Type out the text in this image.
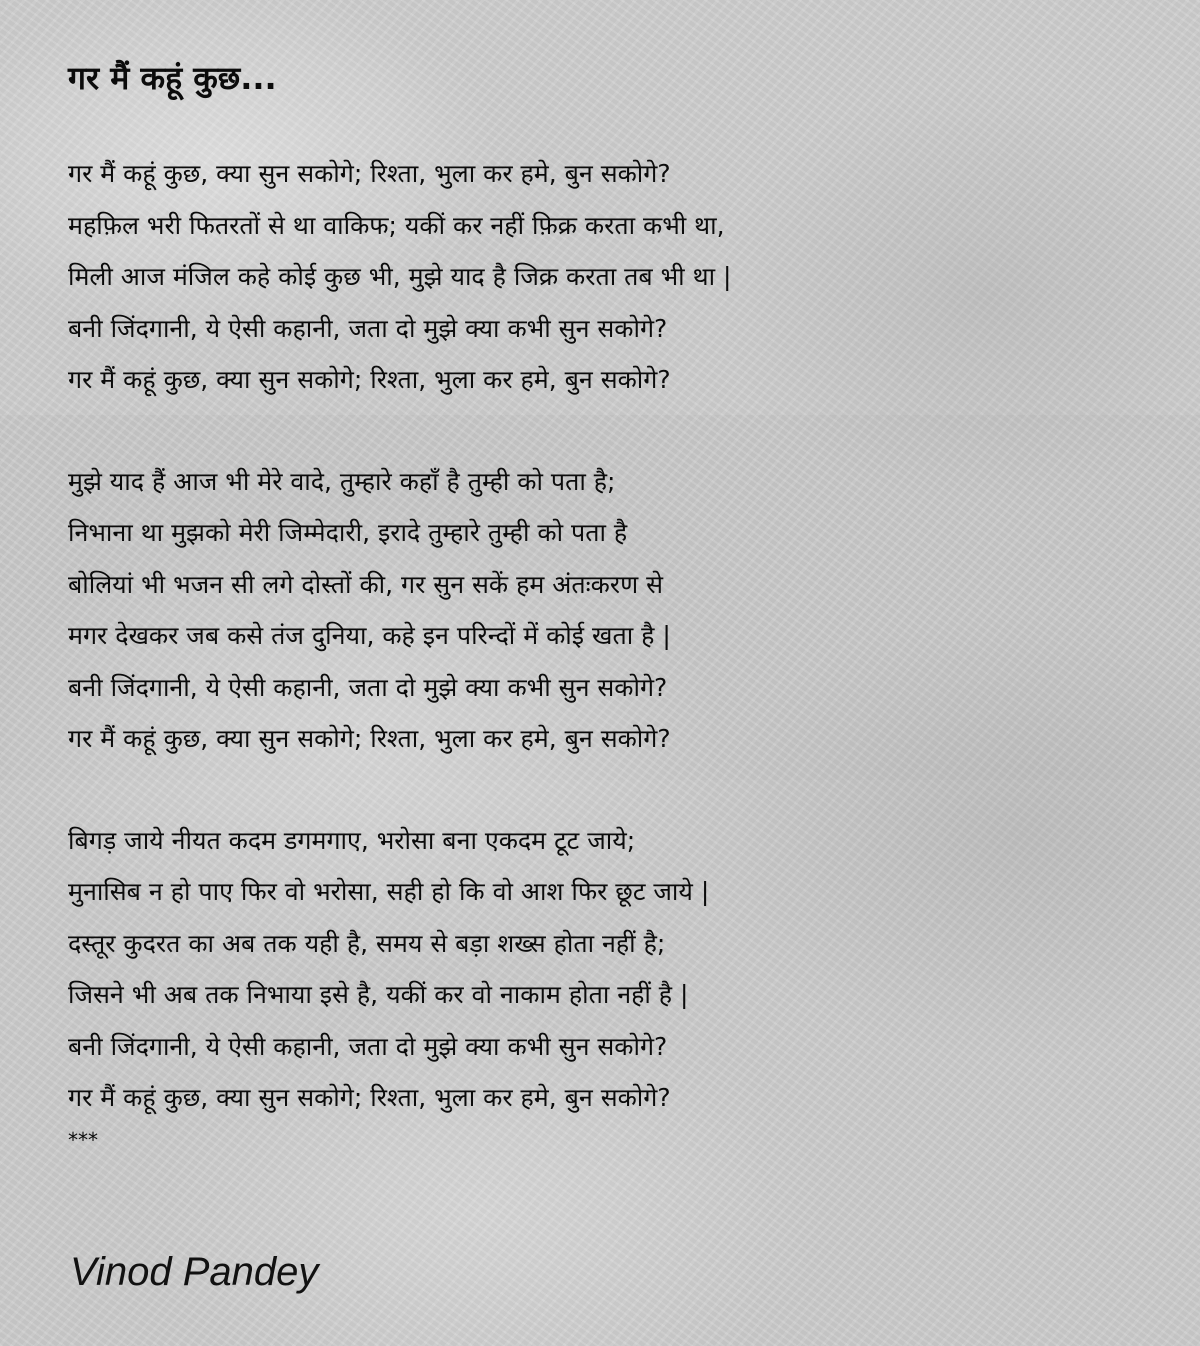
गर मैं कहूं कुछ...
गर मैं कहूं कुछ, क्या सुन सकोगे; रिश्ता, भुला कर हमे, बुन सकोगे?
महफ़िल भरी फितरतों से था वाकिफ; यकीं कर नहीं फ़िक्र करता कभी था,
मिली आज मंजिल कहे कोई कुछ भी, मुझे याद है जिक्र करता तब भी था |
बनी जिंदगानी, ये ऐसी कहानी, जता दो मुझे क्या कभी सुन सकोगे?
गर मैं कहूं कुछ, क्या सुन सकोगे; रिश्ता, भुला कर हमे, बुन सकोगे?
मुझे याद हैं आज भी मेरे वादे, तुम्हारे कहाँ है तुम्ही को पता है;
निभाना था मुझको मेरी जिम्मेदारी, इरादे तुम्हारे तुम्ही को पता है
बोलियां भी भजन सी लगे दोस्तों की, गर सुन सकें हम अंतःकरण से
मगर देखकर जब कसे तंज दुनिया, कहे इन परिन्दों में कोई खता है |
बनी जिंदगानी, ये ऐसी कहानी, जता दो मुझे क्या कभी सुन सकोगे?
गर मैं कहूं कुछ, क्या सुन सकोगे; रिश्ता, भुला कर हमे, बुन सकोगे?
बिगड़ जाये नीयत कदम डगमगाए, भरोसा बना एकदम टूट जाये;
मुनासिब न हो पाए फिर वो भरोसा, सही हो कि वो आश फिर छूट जाये |
दस्तूर कुदरत का अब तक यही है, समय से बड़ा शख्स होता नहीं है;
जिसने भी अब तक निभाया इसे है, यकीं कर वो नाकाम होता नहीं है |
बनी जिंदगानी, ये ऐसी कहानी, जता दो मुझे क्या कभी सुन सकोगे?
गर मैं कहूं कुछ, क्या सुन सकोगे; रिश्ता, भुला कर हमे, बुन सकोगे?
***
Vinod Pandey
